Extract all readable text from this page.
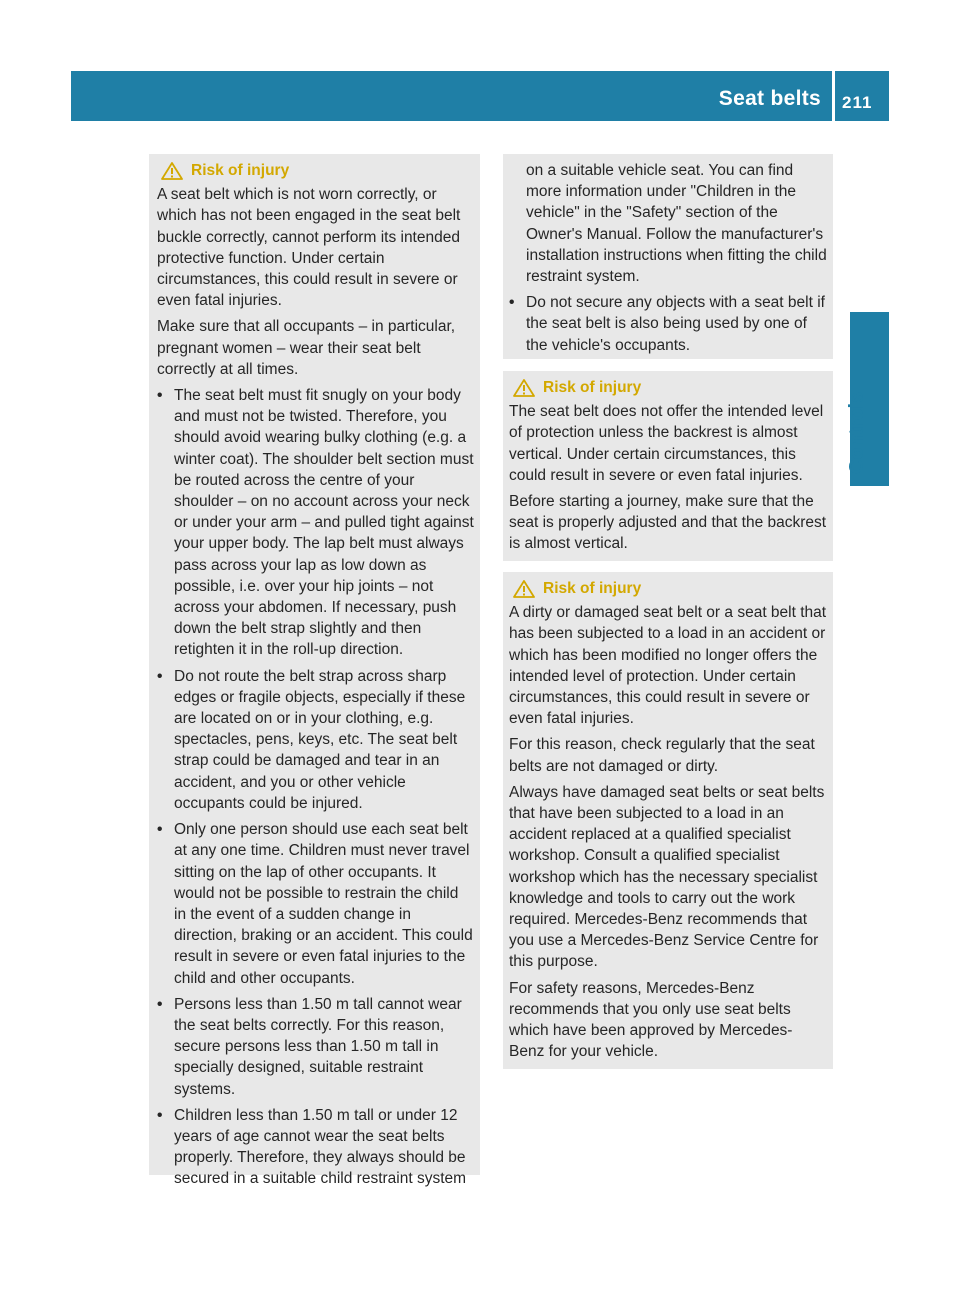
Seat belts 211
Controls
Risk of injury

A seat belt which is not worn correctly, or which has not been engaged in the seat belt buckle correctly, cannot perform its intended protective function. Under certain circumstances, this could result in severe or even fatal injuries.

Make sure that all occupants – in particular, pregnant women – wear their seat belt correctly at all times.

• The seat belt must fit snugly on your body and must not be twisted. Therefore, you should avoid wearing bulky clothing (e.g. a winter coat). The shoulder belt section must be routed across the centre of your shoulder – on no account across your neck or under your arm – and pulled tight against your upper body. The lap belt must always pass across your lap as low down as possible, i.e. over your hip joints – not across your abdomen. If necessary, push down the belt strap slightly and then retighten it in the roll-up direction.
• Do not route the belt strap across sharp edges or fragile objects, especially if these are located on or in your clothing, e.g. spectacles, pens, keys, etc. The seat belt strap could be damaged and tear in an accident, and you or other vehicle occupants could be injured.
• Only one person should use each seat belt at any one time. Children must never travel sitting on the lap of other occupants. It would not be possible to restrain the child in the event of a sudden change in direction, braking or an accident. This could result in severe or even fatal injuries to the child and other occupants.
• Persons less than 1.50 m tall cannot wear the seat belts correctly. For this reason, secure persons less than 1.50 m tall in specially designed, suitable restraint systems.
• Children less than 1.50 m tall or under 12 years of age cannot wear the seat belts properly. Therefore, they always should be secured in a suitable child restraint system

on a suitable vehicle seat. You can find more information under "Children in the vehicle" in the "Safety" section of the Owner's Manual. Follow the manufacturer's installation instructions when fitting the child restraint system.

• Do not secure any objects with a seat belt if the seat belt is also being used by one of the vehicle's occupants.
Risk of injury

The seat belt does not offer the intended level of protection unless the backrest is almost vertical. Under certain circumstances, this could result in severe or even fatal injuries.

Before starting a journey, make sure that the seat is properly adjusted and that the backrest is almost vertical.

Risk of injury

A dirty or damaged seat belt or a seat belt that has been subjected to a load in an accident or which has been modified no longer offers the intended level of protection. Under certain circumstances, this could result in severe or even fatal injuries.

For this reason, check regularly that the seat belts are not damaged or dirty.

Always have damaged seat belts or seat belts that have been subjected to a load in an accident replaced at a qualified specialist workshop. Consult a qualified specialist workshop which has the necessary specialist knowledge and tools to carry out the work required. Mercedes-Benz recommends that you use a Mercedes-Benz Service Centre for this purpose.

For safety reasons, Mercedes-Benz recommends that you only use seat belts which have been approved by Mercedes-Benz for your vehicle.
